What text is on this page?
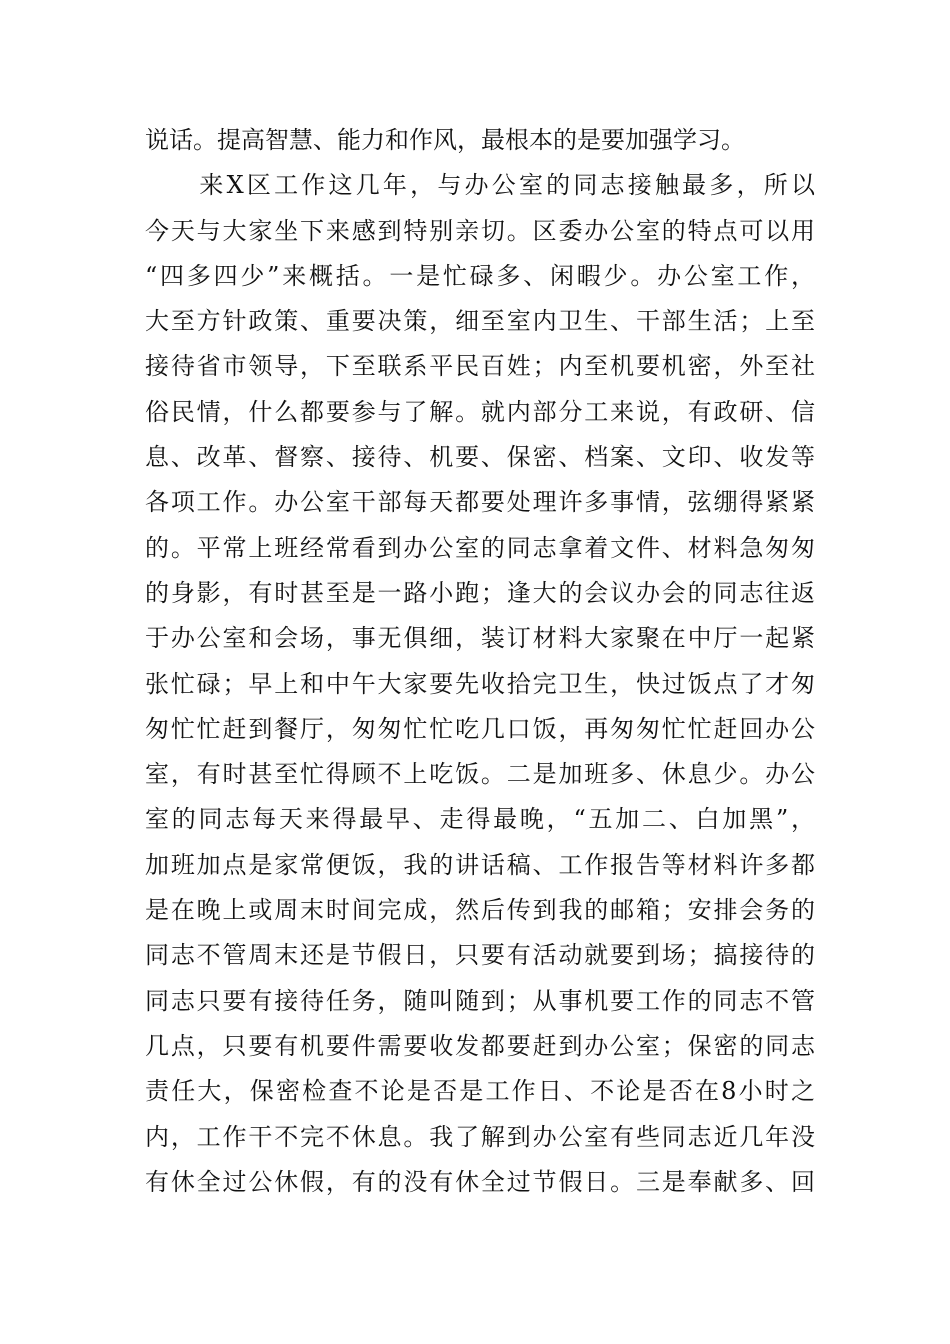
说话。提高智慧、能力和作风，最根本的是要加强学习。
　　来X区工作这几年，与办公室的同志接触最多，所以
今天与大家坐下来感到特别亲切。区委办公室的特点可以用
“四多四少”来概括。一是忙碌多、闲暇少。办公室工作，
大至方针政策、重要决策，细至室内卫生、干部生活；上至
接待省市领导，下至联系平民百姓；内至机要机密，外至社
俗民情，什么都要参与了解。就内部分工来说，有政研、信
息、改革、督察、接待、机要、保密、档案、文印、收发等
各项工作。办公室干部每天都要处理许多事情，弦绷得紧紧
的。平常上班经常看到办公室的同志拿着文件、材料急匆匆
的身影，有时甚至是一路小跑；逢大的会议办会的同志往返
于办公室和会场，事无俱细，装订材料大家聚在中厅一起紧
张忙碌；早上和中午大家要先收拾完卫生，快过饭点了才匆
匆忙忙赶到餐厅，匆匆忙忙吃几口饭，再匆匆忙忙赶回办公
室，有时甚至忙得顾不上吃饭。二是加班多、休息少。办公
室的同志每天来得最早、走得最晚，“五加二、白加黑”，
加班加点是家常便饭，我的讲话稿、工作报告等材料许多都
是在晚上或周末时间完成，然后传到我的邮箱；安排会务的
同志不管周末还是节假日，只要有活动就要到场；搞接待的
同志只要有接待任务，随叫随到；从事机要工作的同志不管
几点，只要有机要件需要收发都要赶到办公室；保密的同志
责任大，保密检查不论是否是工作日、不论是否在8小时之
内，工作干不完不休息。我了解到办公室有些同志近几年没
有休全过公休假，有的没有休全过节假日。三是奉献多、回
